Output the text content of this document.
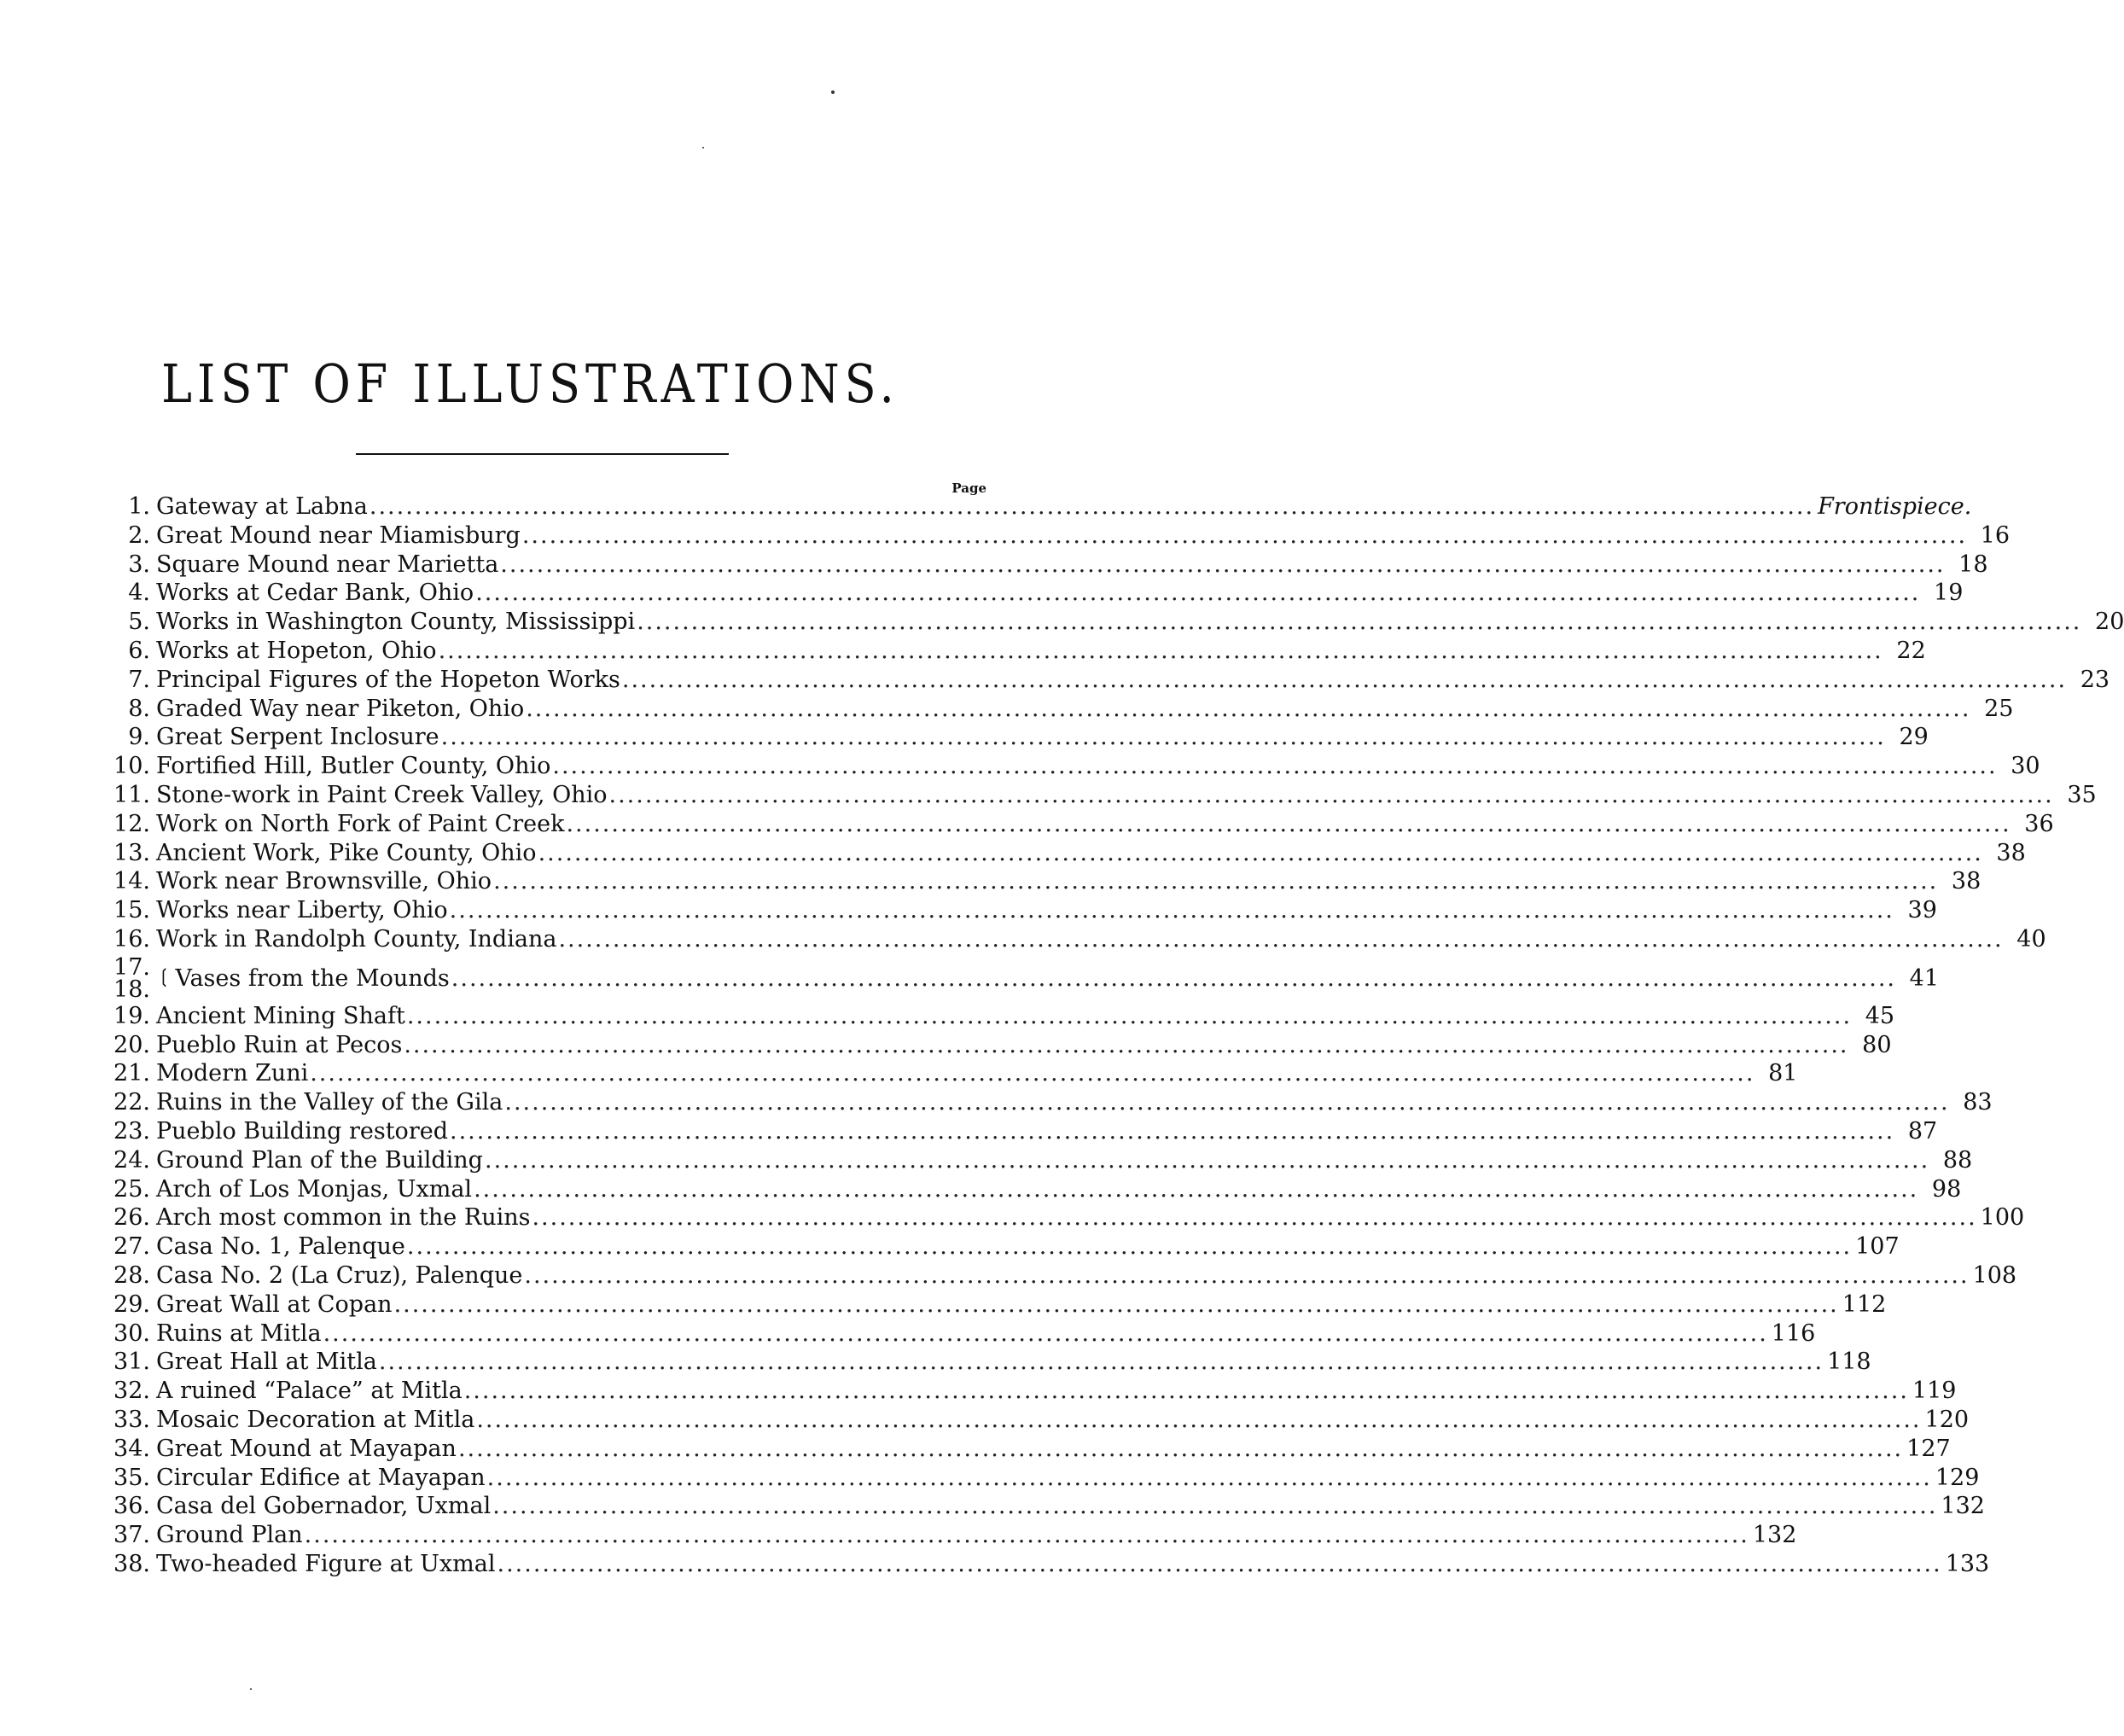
LIST OF ILLUSTRATIONS.
Page
1. Gateway at Labna ................................................................................................................................................................ Frontispiece.
2. Great Mound near Miamisburg ................................................................................................................................................................ 16
3. Square Mound near Marietta ................................................................................................................................................................ 18
4. Works at Cedar Bank, Ohio ................................................................................................................................................................ 19
5. Works in Washington County, Mississippi ................................................................................................................................................................ 20
6. Works at Hopeton, Ohio ................................................................................................................................................................ 22
7. Principal Figures of the Hopeton Works ................................................................................................................................................................ 23
8. Graded Way near Piketon, Ohio ................................................................................................................................................................ 25
9. Great Serpent Inclosure ................................................................................................................................................................ 29
10. Fortified Hill, Butler County, Ohio ................................................................................................................................................................ 30
11. Stone-work in Paint Creek Valley, Ohio ................................................................................................................................................................ 35
12. Work on North Fork of Paint Creek ................................................................................................................................................................ 36
13. Ancient Work, Pike County, Ohio ................................................................................................................................................................ 38
14. Work near Brownsville, Ohio ................................................................................................................................................................ 38
15. Works near Liberty, Ohio ................................................................................................................................................................ 39
16. Work in Randolph County, Indiana ................................................................................................................................................................ 40
17.
18. ❲ Vases from the Mounds ................................................................................................................................................................ 41
19. Ancient Mining Shaft ................................................................................................................................................................ 45
20. Pueblo Ruin at Pecos ................................................................................................................................................................ 80
21. Modern Zuni ................................................................................................................................................................ 81
22. Ruins in the Valley of the Gila ................................................................................................................................................................ 83
23. Pueblo Building restored ................................................................................................................................................................ 87
24. Ground Plan of the Building ................................................................................................................................................................ 88
25. Arch of Los Monjas, Uxmal ................................................................................................................................................................ 98
26. Arch most common in the Ruins ................................................................................................................................................................ 100
27. Casa No. 1, Palenque ................................................................................................................................................................ 107
28. Casa No. 2 (La Cruz), Palenque ................................................................................................................................................................ 108
29. Great Wall at Copan ................................................................................................................................................................ 112
30. Ruins at Mitla ................................................................................................................................................................ 116
31. Great Hall at Mitla ................................................................................................................................................................ 118
32. A ruined “Palace” at Mitla ................................................................................................................................................................ 119
33. Mosaic Decoration at Mitla ................................................................................................................................................................ 120
34. Great Mound at Mayapan ................................................................................................................................................................ 127
35. Circular Edifice at Mayapan ................................................................................................................................................................ 129
36. Casa del Gobernador, Uxmal ................................................................................................................................................................ 132
37. Ground Plan ................................................................................................................................................................ 132
38. Two-headed Figure at Uxmal ................................................................................................................................................................ 133
